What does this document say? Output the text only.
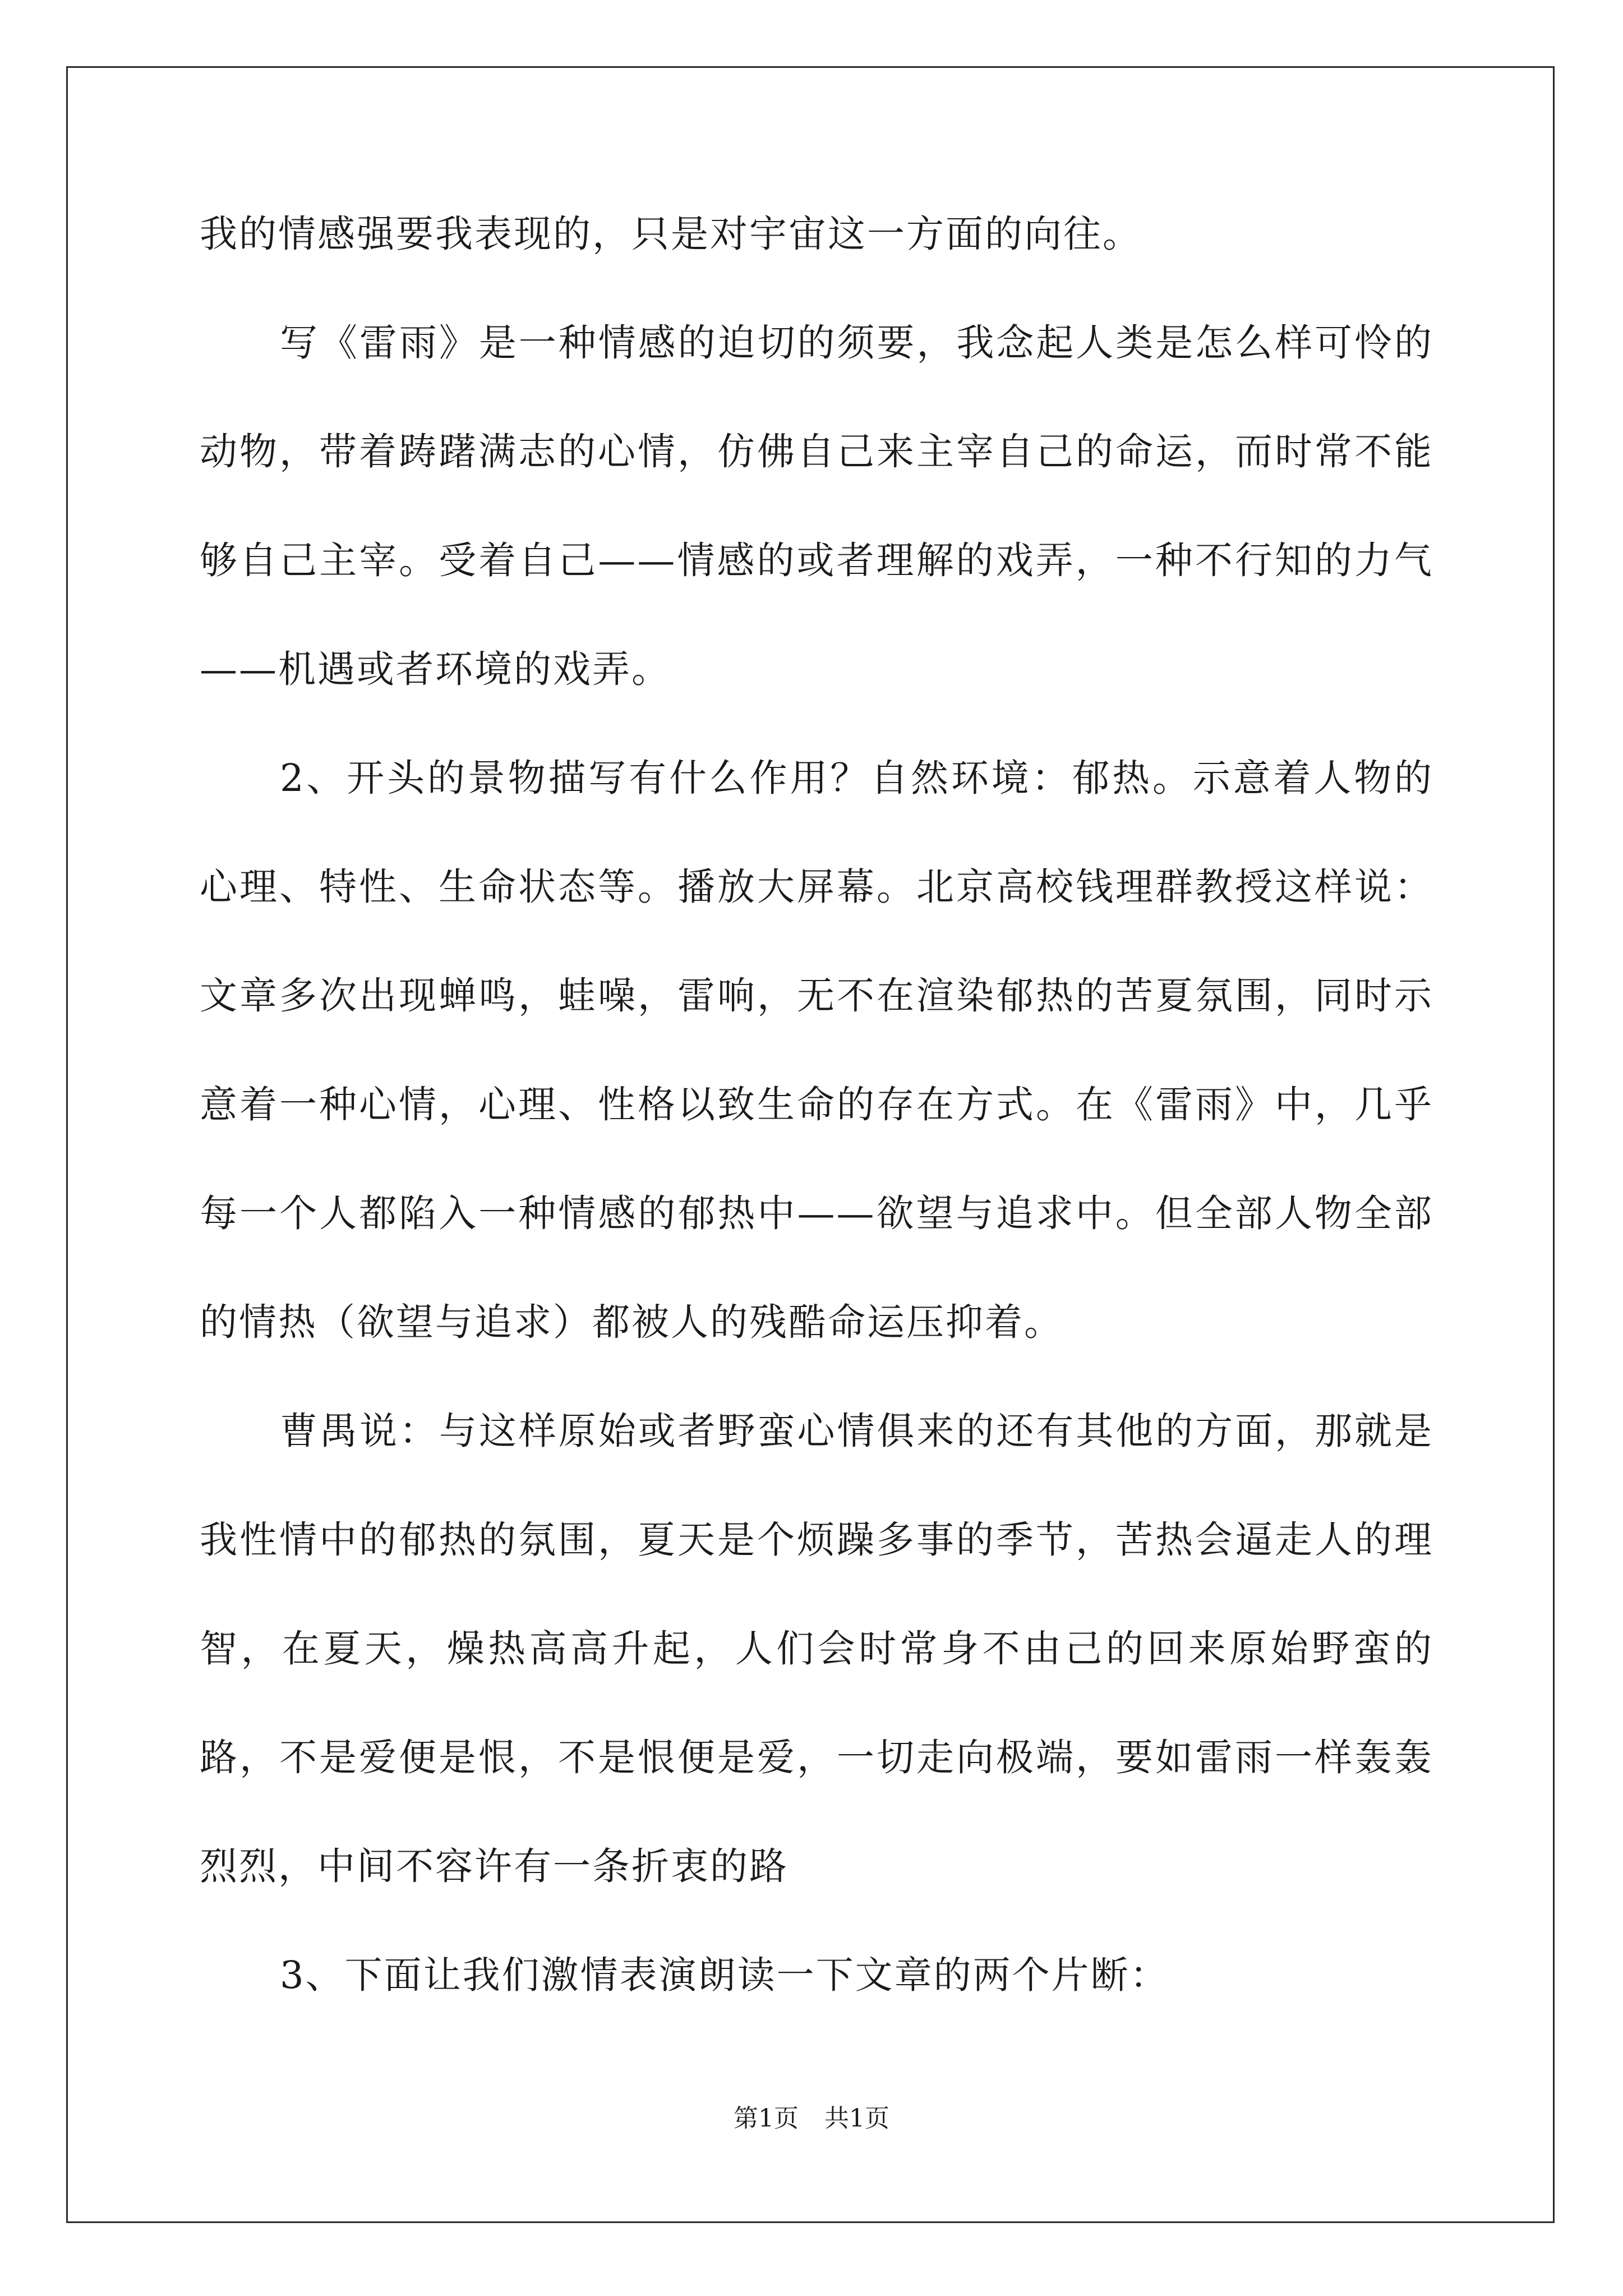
我的情感强要我表现的，只是对宇宙这一方面的向往。

写《雷雨》是一种情感的迫切的须要，我念起人类是怎么样可怜的动物，带着踌躇满志的心情，仿佛自己来主宰自己的命运，而时常不能够自己主宰。受着自己——情感的或者理解的戏弄，一种不行知的力气——机遇或者环境的戏弄。

2、开头的景物描写有什么作用？自然环境：郁热。示意着人物的心理、特性、生命状态等。播放大屏幕。北京高校钱理群教授这样说：文章多次出现蝉鸣，蛙噪，雷响，无不在渲染郁热的苦夏氛围，同时示意着一种心情，心理、性格以致生命的存在方式。在《雷雨》中，几乎每一个人都陷入一种情感的郁热中——欲望与追求中。但全部人物全部的情热（欲望与追求）都被人的残酷命运压抑着。

曹禺说：与这样原始或者野蛮心情俱来的还有其他的方面，那就是我性情中的郁热的氛围，夏天是个烦躁多事的季节，苦热会逼走人的理智，在夏天，燥热高高升起，人们会时常身不由己的回来原始野蛮的路，不是爱便是恨，不是恨便是爱，一切走向极端，要如雷雨一样轰轰烈烈，中间不容许有一条折衷的路

3、下面让我们激情表演朗读一下文章的两个片断：

第1页 共1页
